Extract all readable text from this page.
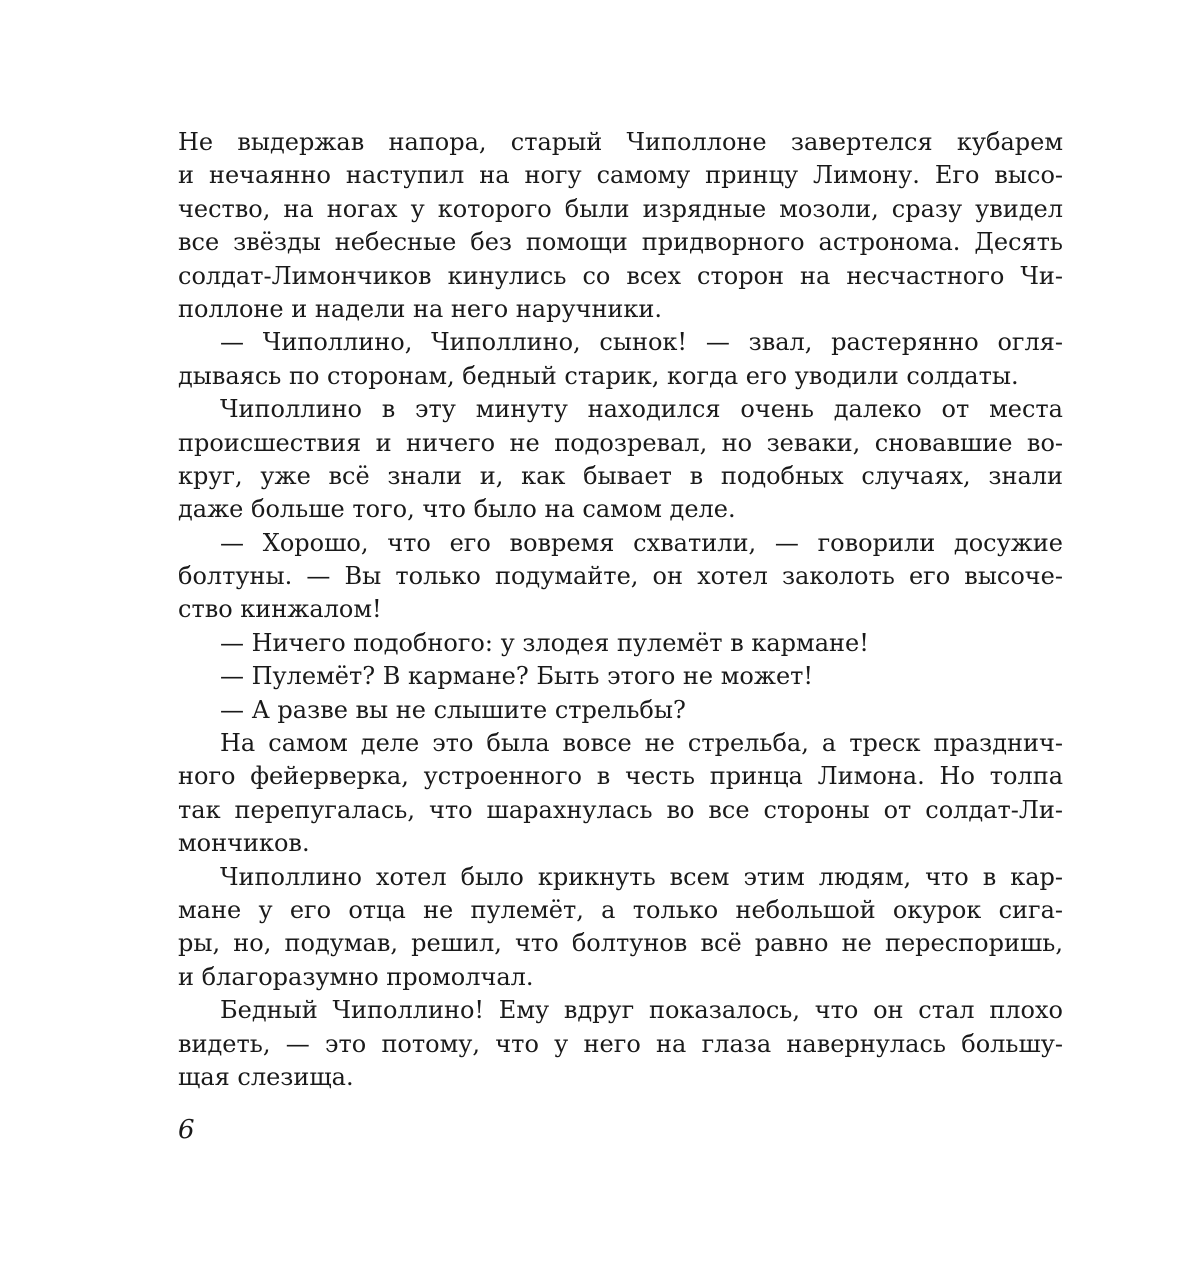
Не выдержав напора, старый Чиполлоне завертелся кубарем
и нечаянно наступил на ногу самому принцу Лимону. Его высо-
чество, на ногах у которого были изрядные мозоли, сразу увидел
все звёзды небесные без помощи придворного астронома. Десять
солдат-Лимончиков кинулись со всех сторон на несчастного Чи-
поллоне и надели на него наручники.
— Чиполлино, Чиполлино, сынок! — звал, растерянно огля-
дываясь по сторонам, бедный старик, когда его уводили солдаты.
Чиполлино в эту минуту находился очень далеко от места
происшествия и ничего не подозревал, но зеваки, сновавшие во-
круг, уже всё знали и, как бывает в подобных случаях, знали
даже больше того, что было на самом деле.
— Хорошо, что его вовремя схватили, — говорили досужие
болтуны. — Вы только подумайте, он хотел заколоть его высоче-
ство кинжалом!
— Ничего подобного: у злодея пулемёт в кармане!
— Пулемёт? В кармане? Быть этого не может!
— А разве вы не слышите стрельбы?
На самом деле это была вовсе не стрельба, а треск празднич-
ного фейерверка, устроенного в честь принца Лимона. Но толпа
так перепугалась, что шарахнулась во все стороны от солдат-Ли-
мончиков.
Чиполлино хотел было крикнуть всем этим людям, что в кар-
мане у его отца не пулемёт, а только небольшой окурок сига-
ры, но, подумав, решил, что болтунов всё равно не переспоришь,
и благоразумно промолчал.
Бедный Чиполлино! Ему вдруг показалось, что он стал плохо
видеть, — это потому, что у него на глаза навернулась большу-
щая слезища.
6
